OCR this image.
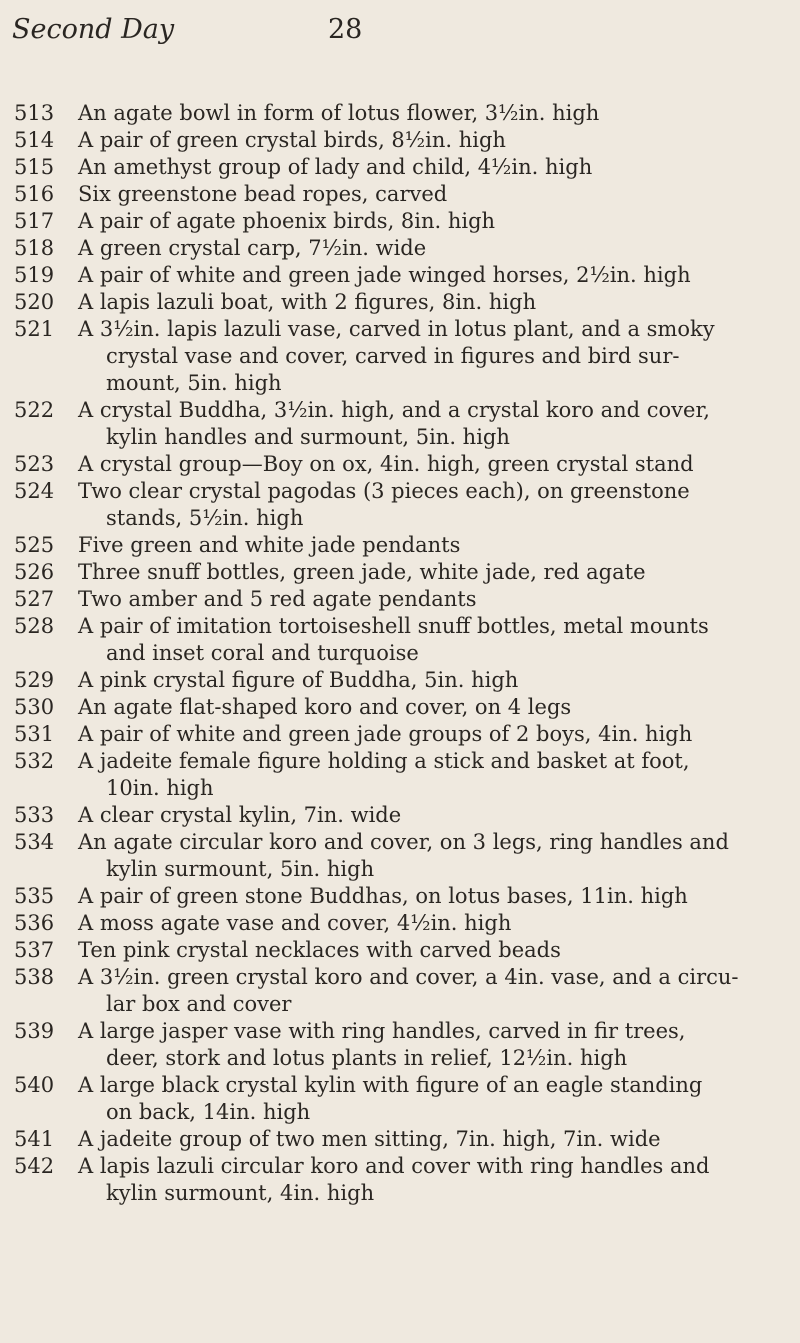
Second Day	28
513	An agate bowl in form of lotus flower, 3½in. high
514	A pair of green crystal birds, 8½in. high
515	An amethyst group of lady and child, 4½in. high
516	Six greenstone bead ropes, carved
517	A pair of agate phoenix birds, 8in. high
518	A green crystal carp, 7½in. wide
519	A pair of white and green jade winged horses, 2½in. high
520	A lapis lazuli boat, with 2 figures, 8in. high
521	A 3½in. lapis lazuli vase, carved in lotus plant, and a smoky
crystal vase and cover, carved in figures and bird sur-
mount, 5in. high
522	A crystal Buddha, 3½in. high, and a crystal koro and cover,
kylin handles and surmount, 5in. high
523	A crystal group—Boy on ox, 4in. high, green crystal stand
524	Two clear crystal pagodas (3 pieces each), on greenstone
stands, 5½in. high
525	Five green and white jade pendants
526	Three snuff bottles, green jade, white jade, red agate
527	Two amber and 5 red agate pendants
528	A pair of imitation tortoiseshell snuff bottles, metal mounts
and inset coral and turquoise
529	A pink crystal figure of Buddha, 5in. high
530	An agate flat-shaped koro and cover, on 4 legs
531	A pair of white and green jade groups of 2 boys, 4in. high
532	A jadeite female figure holding a stick and basket at foot,
10in. high
533	A clear crystal kylin, 7in. wide
534	An agate circular koro and cover, on 3 legs, ring handles and
kylin surmount, 5in. high
535	A pair of green stone Buddhas, on lotus bases, 11in. high
536	A moss agate vase and cover, 4½in. high
537	Ten pink crystal necklaces with carved beads
538	A 3½in. green crystal koro and cover, a 4in. vase, and a circu-
lar box and cover
539	A large jasper vase with ring handles, carved in fir trees,
deer, stork and lotus plants in relief, 12½in. high
540	A large black crystal kylin with figure of an eagle standing
on back, 14in. high
541	A jadeite group of two men sitting, 7in. high, 7in. wide
542	A lapis lazuli circular koro and cover with ring handles and
kylin surmount, 4in. high
